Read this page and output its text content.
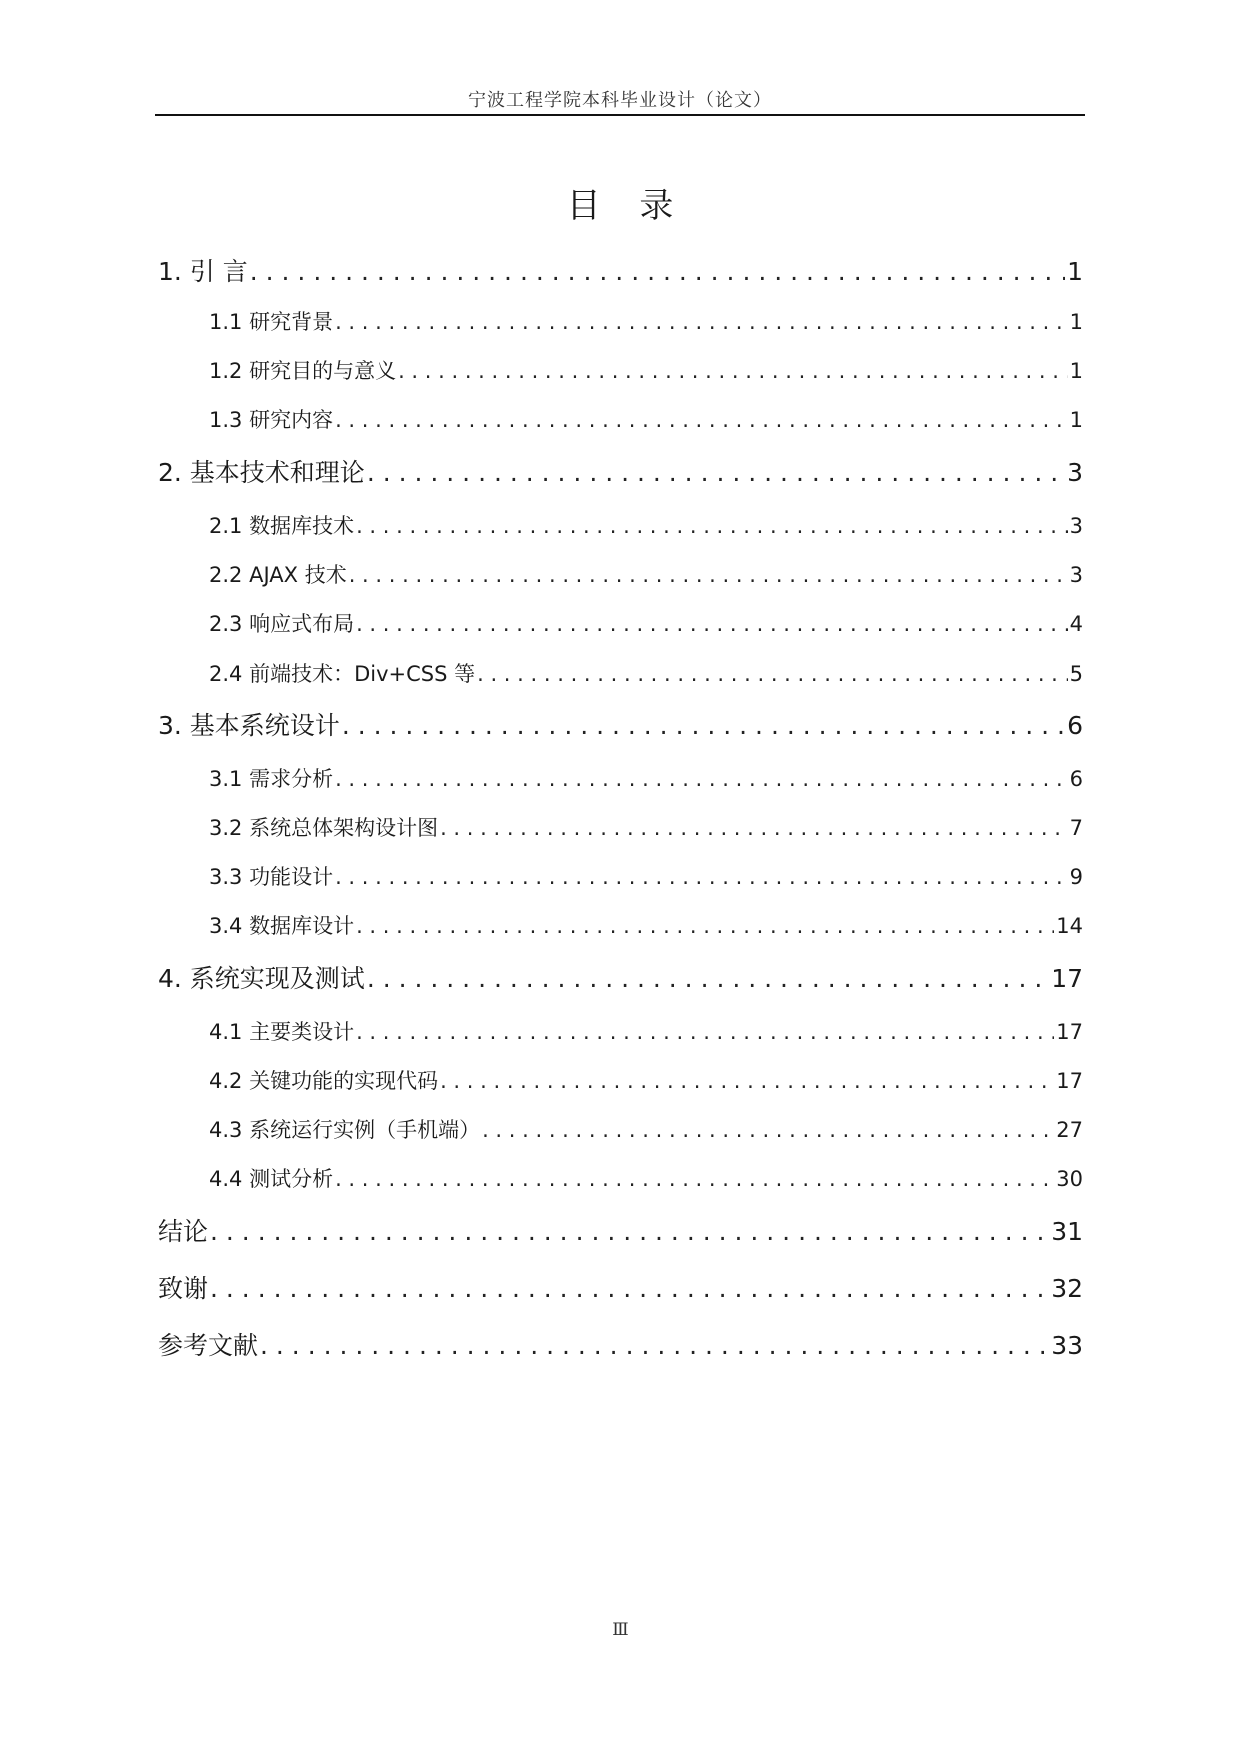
宁波工程学院本科毕业设计（论文）
目 录
1. 引 言 . . .	1
1.1 研究背景 . . .	1
1.2 研究目的与意义 . . .	1
1.3 研究内容 . . .	1
2. 基本技术和理论 . . .	3
2.1 数据库技术 . . .	3
2.2 AJAX 技术 . . .	3
2.3 响应式布局 . . .	4
2.4 前端技术：Div+CSS 等 . . .	5
3. 基本系统设计 . . .	6
3.1 需求分析 . . .	6
3.2 系统总体架构设计图 . . .	7
3.3 功能设计 . . .	9
3.4 数据库设计 . . .	14
4. 系统实现及测试 . . .	17
4.1 主要类设计 . . .	17
4.2 关键功能的实现代码 . . .	17
4.3 系统运行实例（手机端） . . .	27
4.4 测试分析 . . .	30
结论 . . .	31
致谢 . . .	32
参考文献 . . .	33
Ⅲ
